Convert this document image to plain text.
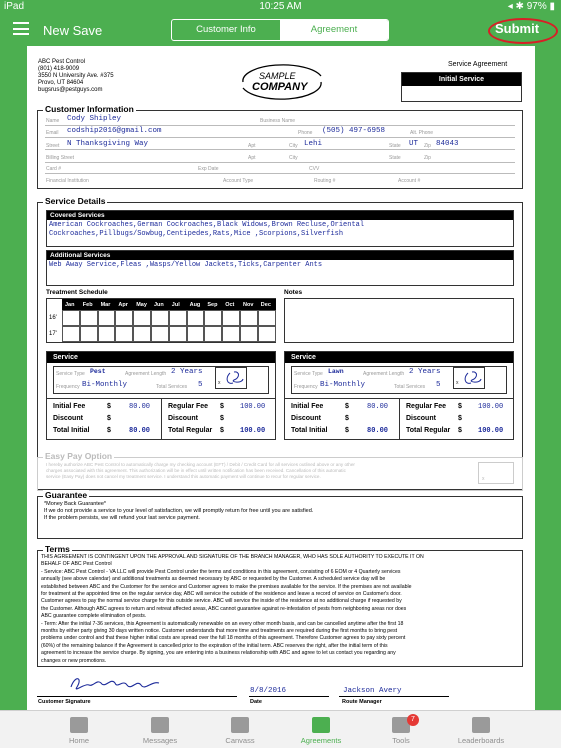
iPad	10:25 AM	◂ ✱ 97% ▮
New Save	Customer Info	Agreement	Submit
ABC Pest Control
(801) 418-9009
3550 N University Ave. #375
Provo, UT 84604
bugsrus@pestguys.com
SAMPLE
COMPANY
Service Agreement
Initial Service
Customer Information
Name Cody Shipley	Business Name
Email codship2016@gmail.com	Phone (505) 497-6958	Alt. Phone
Street N Thanksgiving Way	Apt	City Lehi	State UT Zip 84043
Billing Street	Apt	City	State	Zip
Card #	Exp Date	CVV
Financial Institution	Account Type	Routing #	Account #
Service Details
Covered Services
American Cockroaches,German Cockroaches,Black Widows,Brown Recluse,Oriental
Cockroaches,Pillbugs/Sowbug,Centipedes,Rats,Mice ,Scorpions,Silverfish
Additional Services
Web Away Service,Fleas ,Wasps/Yellow Jackets,Ticks,Carpenter Ants
Treatment Schedule
Jan Feb Mar Apr May Jun Jul Aug Sep Oct Nov Dec
16'
17'
Notes
Service
Service Type Pest	Agreement Length 2 Years
Frequency Bi-Monthly	Total Services 5	x
Initial Fee	$	80.00
Discount	$
Total Initial	$	80.00
Regular Fee $ 100.00
Discount	$
Total Regular $ 100.00
Service
Service Type Lawn	Agreement Length 2 Years
Frequency Bi-Monthly	Total Services 5	x
Initial Fee	$	80.00
Discount	$
Total Initial	$	80.00
Regular Fee $ 100.00
Discount	$
Total Regular $ 100.00
Easy Pay Option
I hereby authorize ABC Pest Control to automatically charge my checking account (EFT) / Debit / Credit Card for all services outlined above or any other
charges associated with this agreement. This authorization will be in effect until written notification has been received. Cancellation of this automatic
service (Easy Pay) does not cancel my treatment service. I understand this automatic payment will continue to recur for regular service.	x
Guarantee
*Money Back Guarantee*
If we do not provide a service to your level of satisfaction, we will promptly return for free until you are satisfied.
If the problem persists, we will refund your last service payment.
Terms
THIS AGREEMENT IS CONTINGENT UPON THE APPROVAL AND SIGNATURE OF THE BRANCH MANAGER, WHO HAS SOLE AUTHORITY TO EXECUTE IT ON
BEHALF OF ABC Pest Control
- Service: ABC Pest Control - VA LLC will provide Pest Control under the terms and conditions in this agreement, consisting of 6 EOM or 4 Quarterly services
annually (see above calendar) and additional treatments as deemed necessary by ABC or requested by the Customer. A scheduled service day will be
established between ABC and the Customer for the service and Customer agrees to make the premises available for the service. If the premises are not available
for treatment at the appointed time on the regular service day, ABC will service the outside of the residence and leave a record of service on Customer's door.
Customer agrees to pay the normal service charge for this outside service. ABC will service the inside of the residence at no additional charge if requested by
the Customer. Although ABC agrees to return and retreat affected areas, ABC cannot guarantee against re-infestation of pests from neighboring areas nor does
ABC guarantee complete elimination of pests.
- Term: After the initial 7-36 services, this Agreement is automatically renewable on an every other month basis, and can be cancelled anytime after the first 18
months by either party giving 30 days written notice. Customer understands that more time and treatments are required during the first months to bring pest
problems under control and that these higher initial costs are spread over the full 18 months of this agreement. Therefore Customer agrees to pay sixty percent
(60%) of the remaining balance if the Agreement is cancelled prior to the expiration of the initial term. ABC reserves the right, after the initial term of this
agreement to increase the service charge. By signing, you are entering into a business relationship with ABC and agree to let us contact you regarding any
changes or new promotions.
Customer Signature
8/8/2016
Date
Jackson Avery
Route Manager
Home	Messages	Canvass	Agreements	Tools
7
Leaderboards
